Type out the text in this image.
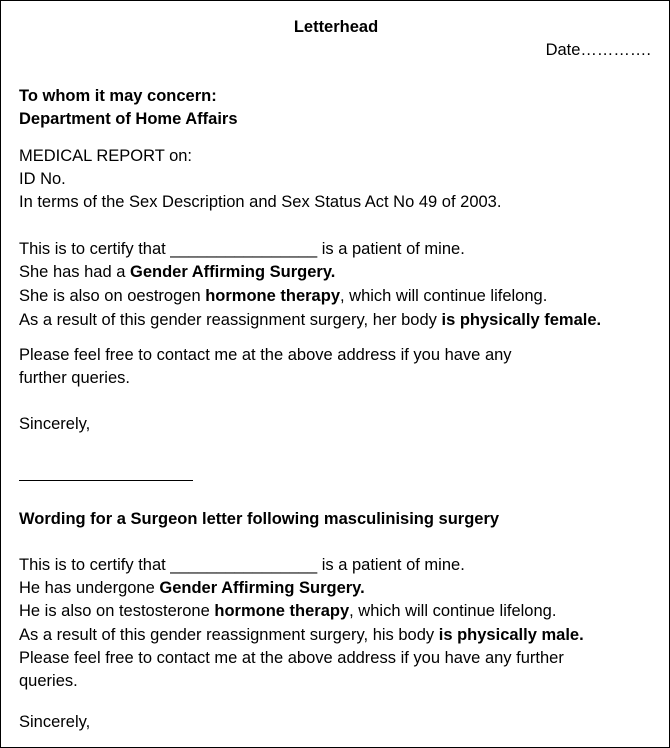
Letterhead
Date………….
To whom it may concern:
Department of Home Affairs
MEDICAL REPORT on:
ID No.
In terms of the Sex Description and Sex Status Act No 49 of 2003.
This is to certify that ________________ is a patient of mine.
She has had a Gender Affirming Surgery.
She is also on oestrogen hormone therapy, which will continue lifelong.
As a result of this gender reassignment surgery, her body is physically female.
Please feel free to contact me at the above address if you have any
further queries.
Sincerely,
Wording for a Surgeon letter following masculinising surgery
This is to certify that ________________ is a patient of mine.
He has undergone Gender Affirming Surgery.
He is also on testosterone hormone therapy, which will continue lifelong.
As a result of this gender reassignment surgery, his body is physically male.
Please feel free to contact me at the above address if you have any further
queries.
Sincerely,
